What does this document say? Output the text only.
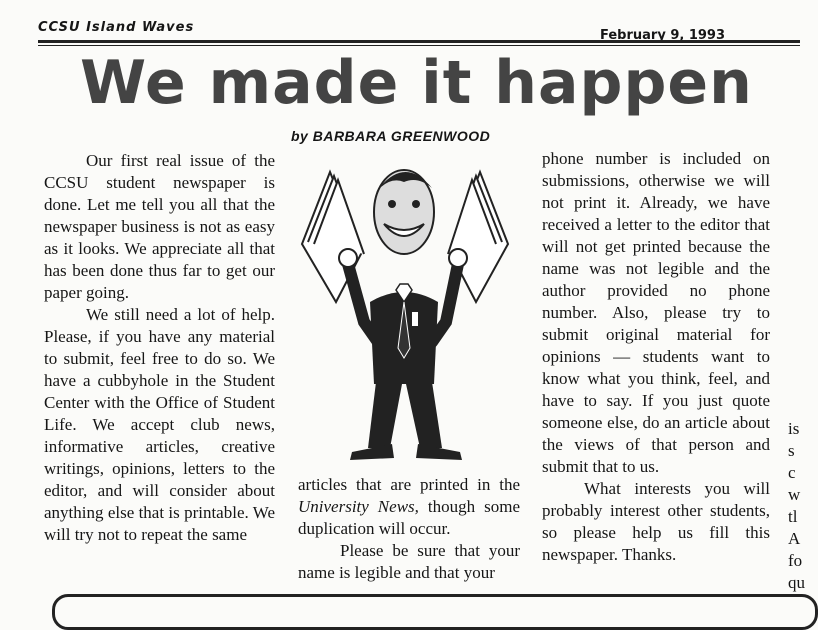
CCSU Island Waves
February 9, 1993
We made it happen
by BARBARA GREENWOOD

Our first real issue of the CCSU student newspaper is done. Let me tell you all that the newspaper business is not as easy as it looks. We appreciate all that has been done thus far to get our paper going.

We still need a lot of help. Please, if you have any material to submit, feel free to do so. We have a cubbyhole in the Student Center with the Office of Student Life. We accept club news, informative articles, creative writings, opinions, letters to the editor, and will consider about anything else that is printable. We will try not to repeat the same

articles that are printed in the University News, though some duplication will occur.

Please be sure that your name is legible and that your

phone number is included on submissions, otherwise we will not print it. Already, we have received a letter to the editor that will not get printed because the name was not legible and the author provided no phone number. Also, please try to submit original material for opinions — students want to know what you think, feel, and have to say. If you just quote someone else, do an article about the views of that person and submit that to us.

What interests you will probably interest other students, so please help us fill this newspaper. Thanks.

is
s
c
w
tl
A
fo
qu
